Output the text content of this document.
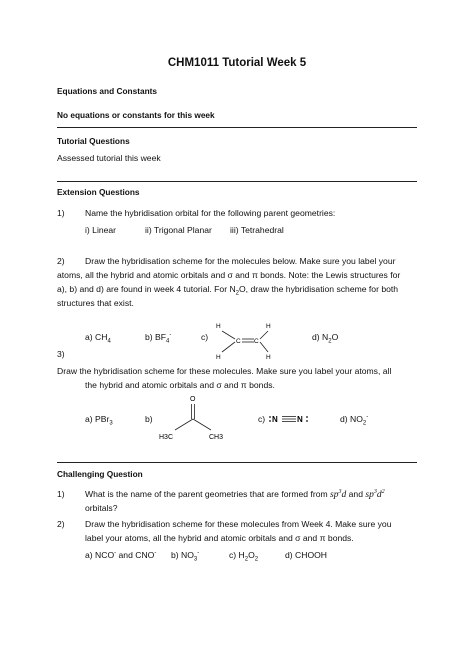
CHM1011 Tutorial Week 5
Equations and Constants
No equations or constants for this week
Tutorial Questions
Assessed tutorial this week
Extension Questions
1) Name the hybridisation orbital for the following parent geometries:
i) Linear	ii) Trigonal Planar iii) Tetrahedral
2) Draw the hybridisation scheme for the molecules below. Make sure you label your
atoms, all the hybrid and atomic orbitals and σ and π bonds. Note: the Lewis structures for
a), b) and d) are found in week 4 tutorial. For $N_2O$, draw the hybridisation scheme for both
structures that exist.
a) $CH_4$	b) $BF_4^-$	c)	d) $N_2O$
H
H
C C
H
H
3)
Draw the hybridisation scheme for these molecules. Make sure you label your atoms, all
the hybrid and atomic orbitals and σ and π bonds.
a) PBr$_3$	b)
O
H3C	CH3
c) N N	d) $NO_2^-$
Challenging Question
1) What is the name of the parent geometries that are formed from $sp^3d$ and $sp^3d^2$
orbitals?
2) Draw the hybridisation scheme for these molecules from Week 4. Make sure you
label your atoms, all the hybrid and atomic orbitals and σ and π bonds.
a) NCO- and CNO- b) $NO_3^-$	c) $H_2O_2$	d) CHOOH
